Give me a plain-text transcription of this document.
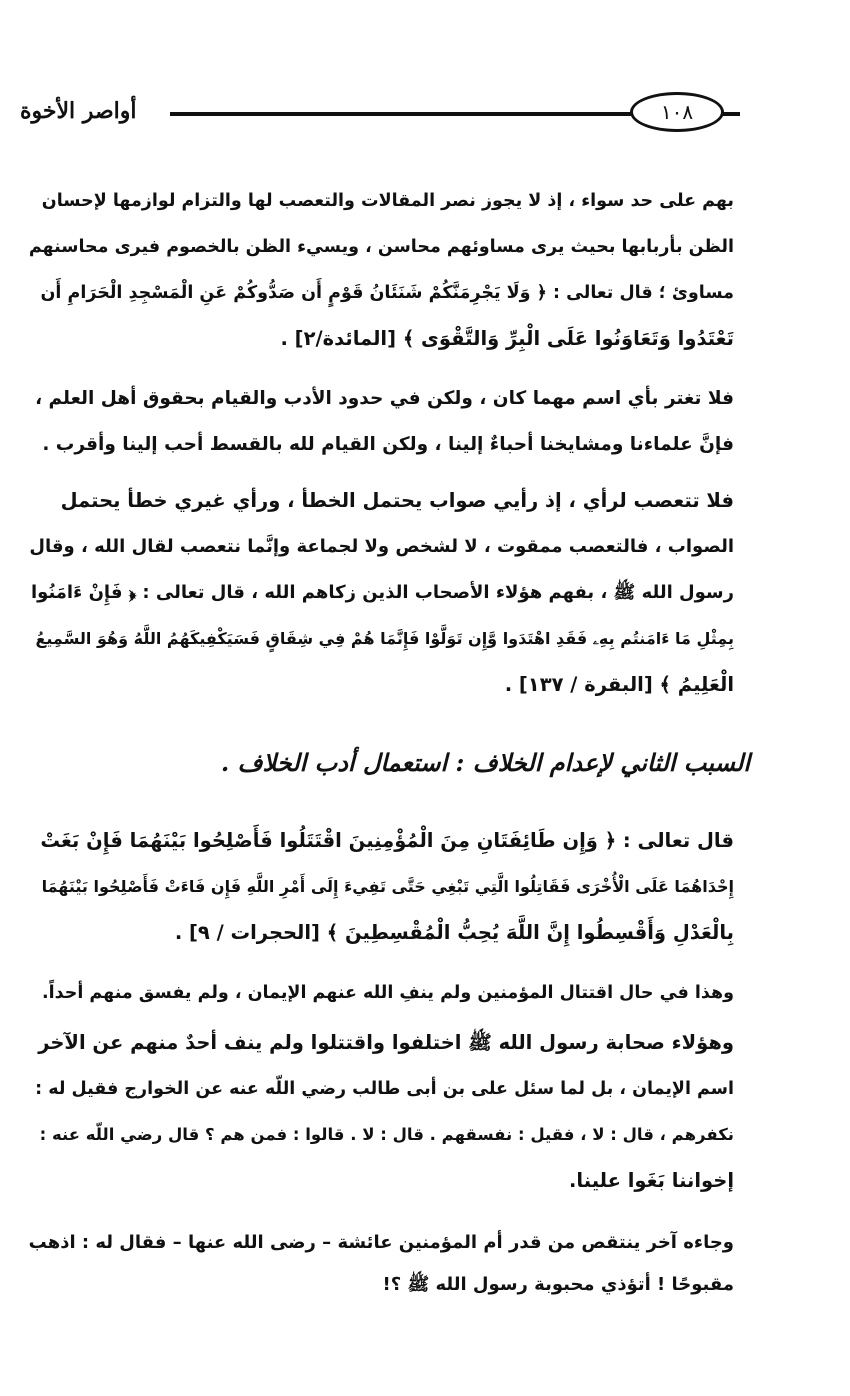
أواصر الأخوة	١٠٨
بهم على حد سواء ، إذ لا يجوز نصر المقالات والتعصب لها والتزام لوازمها لإحسان
الظن بأربابها بحيث يرى مساوئهم محاسن ، ويسيء الظن بالخصوم فيرى محاسنهم
مساوئ ؛ قال تعالى : ﴿ وَلَا يَجْرِمَنَّكُمْ شَنَئَانُ قَوْمٍ أَن صَدُّوكُمْ عَنِ الْمَسْجِدِ الْحَرَامِ أَن
تَعْتَدُوا وَتَعَاوَنُوا عَلَى الْبِرِّ وَالتَّقْوَى ﴾ [المائدة/٢] .
فلا تغتر بأي اسم مهما كان ، ولكن في حدود الأدب والقيام بحقوق أهل العلم ،
فإنَّ علماءنا ومشايخنا أحباءٌ إلينا ، ولكن القيام لله بالقسط أحب إلينا وأقرب .
فلا تتعصب لرأي ، إذ رأيي صواب يحتمل الخطأ ، ورأي غيري خطأ يحتمل
الصواب ، فالتعصب ممقوت ، لا لشخص ولا لجماعة وإنَّما نتعصب لقال الله ، وقال
رسول الله ﷺ ، بفهم هؤلاء الأصحاب الذين زكاهم الله ، قال تعالى : ﴿ فَإِنْ ءَامَنُوا
بِمِثْلِ مَا ءَامَنتُم بِهِۦ فَقَدِ اهْتَدَوا وَّإِن تَوَلَّوْا فَإِنَّمَا هُمْ فِي شِقَاقٍ فَسَيَكْفِيكَهُمُ اللَّهُ وَهُوَ السَّمِيعُ
الْعَلِيمُ ﴾ [البقرة / ١٣٧] .
السبب الثاني لإعدام الخلاف : استعمال أدب الخلاف .
قال تعالى : ﴿ وَإِن طَائِفَتَانِ مِنَ الْمُؤْمِنِينَ اقْتَتَلُوا فَأَصْلِحُوا بَيْنَهُمَا فَإِنْ بَغَتْ
إِحْدَاهُمَا عَلَى الْأُخْرَى فَقَاتِلُوا الَّتِي تَبْغِي حَتَّى تَفِيءَ إِلَى أَمْرِ اللَّهِ فَإِن فَاءَتْ فَأَصْلِحُوا بَيْنَهُمَا
بِالْعَدْلِ وَأَقْسِطُوا إِنَّ اللَّهَ يُحِبُّ الْمُقْسِطِينَ ﴾ [الحجرات / ٩] .
وهذا في حال اقتتال المؤمنين ولم ينفِ الله عنهم الإيمان ، ولم يفسق منهم أحداً.
وهؤلاء صحابة رسول الله ﷺ اختلفوا واقتتلوا ولم ينف أحدٌ منهم عن الآخر
اسم الإيمان ، بل لما سئل على بن أبى طالب رضي اللّه عنه عن الخوارج فقيل له :
نكفرهم ، قال : لا ، فقيل : نفسقهم . قال : لا . قالوا : فمن هم ؟ قال رضي اللّه عنه :
إخواننا بَغَوا علينا.
وجاءه آخر ينتقص من قدر أم المؤمنين عائشة – رضى الله عنها – فقال له : اذهب
مقبوحًا ! أتؤذي محبوبة رسول الله ﷺ ؟!
